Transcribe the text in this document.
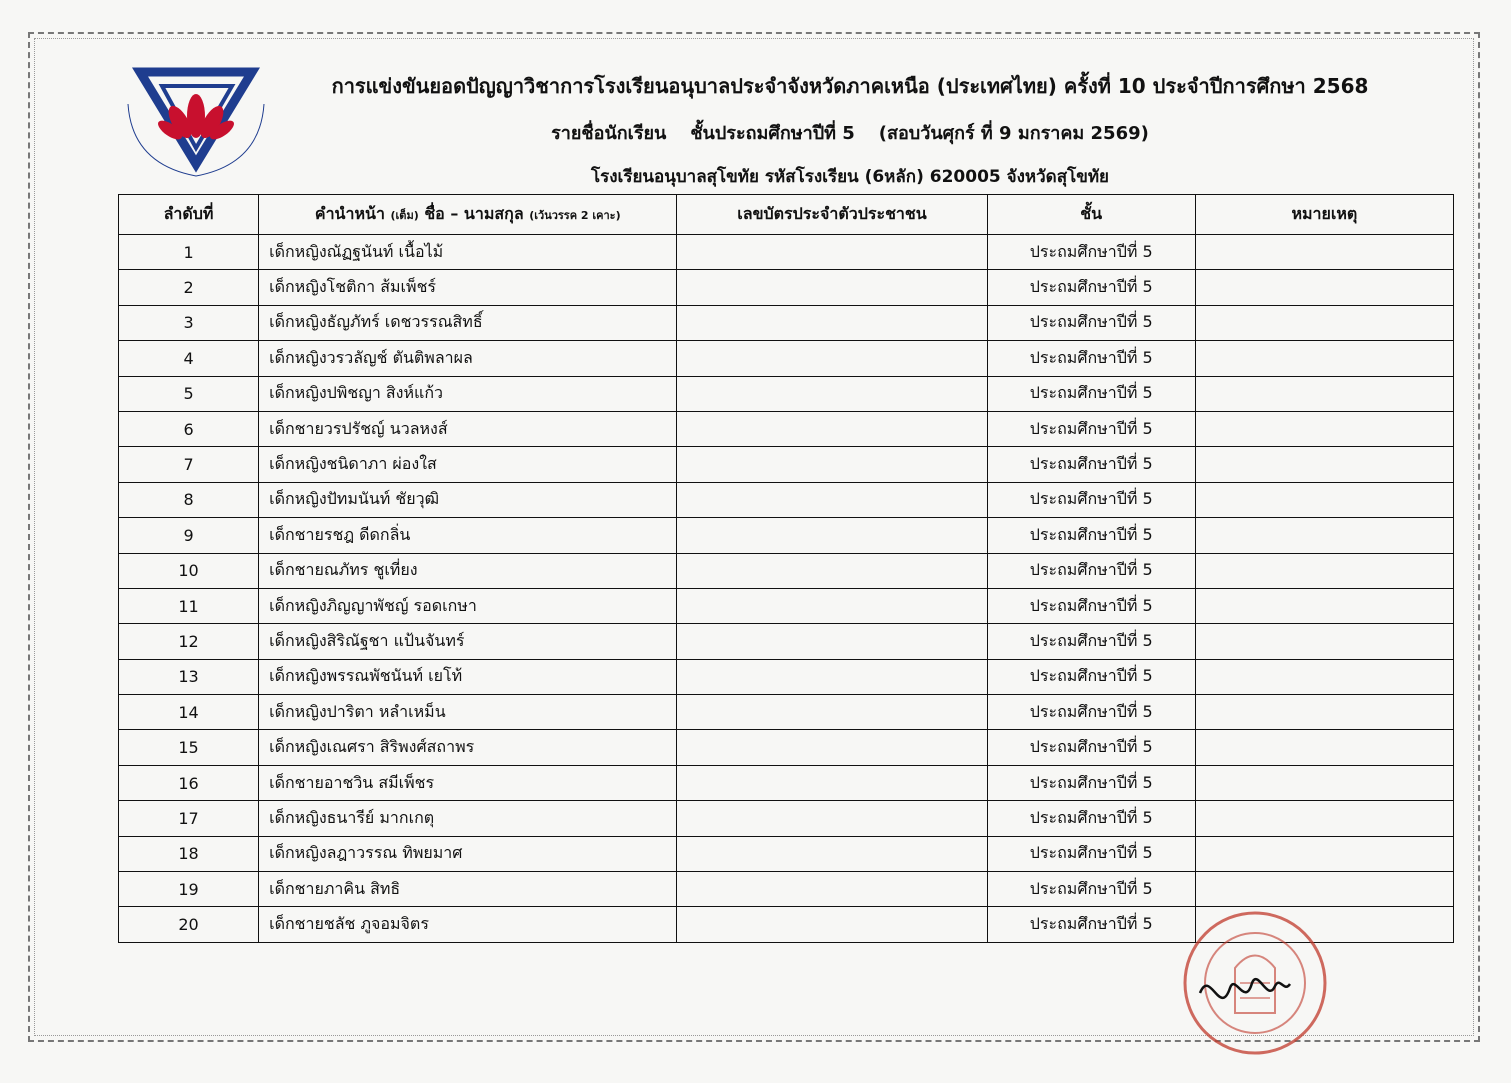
การแข่งขันยอดปัญญาวิชาการโรงเรียนอนุบาลประจำจังหวัดภาคเหนือ (ประเทศไทย) ครั้งที่ 10 ประจำปีการศึกษา 2568
รายชื่อนักเรียน ชั้นประถมศึกษาปีที่ 5 (สอบวันศุกร์ ที่ 9 มกราคม 2569)
โรงเรียนอนุบาลสุโขทัย รหัสโรงเรียน (6หลัก) 620005 จังหวัดสุโขทัย
ลำดับที่	คำนำหน้า (เต็ม) ชื่อ – นามสกุล (เว้นวรรค 2 เคาะ)	เลขบัตรประจำตัวประชาชน	ชั้น	หมายเหตุ
1	เด็กหญิงณัฏฐนันท์ เนื้อไม้		ประถมศึกษาปีที่ 5	
2	เด็กหญิงโชติกา ส้มเพ็ชร์		ประถมศึกษาปีที่ 5	
3	เด็กหญิงธัญภัทร์ เดชวรรณสิทธิ์		ประถมศึกษาปีที่ 5	
4	เด็กหญิงวรวลัญช์ ตันติพลาผล		ประถมศึกษาปีที่ 5	
5	เด็กหญิงปพิชญา สิงห์แก้ว		ประถมศึกษาปีที่ 5	
6	เด็กชายวรปรัชญ์ นวลหงส์		ประถมศึกษาปีที่ 5	
7	เด็กหญิงชนิดาภา ผ่องใส		ประถมศึกษาปีที่ 5	
8	เด็กหญิงปัทมนันท์ ชัยวุฒิ		ประถมศึกษาปีที่ 5	
9	เด็กชายรชฎ ดีดกลิ่น		ประถมศึกษาปีที่ 5	
10	เด็กชายณภัทร ชูเที่ยง		ประถมศึกษาปีที่ 5	
11	เด็กหญิงภิญญาพัชญ์ รอดเกษา		ประถมศึกษาปีที่ 5	
12	เด็กหญิงสิริณัฐชา แป้นจันทร์		ประถมศึกษาปีที่ 5	
13	เด็กหญิงพรรณพัชนันท์ เยโท้		ประถมศึกษาปีที่ 5	
14	เด็กหญิงปาริตา หลำเหม็น		ประถมศึกษาปีที่ 5	
15	เด็กหญิงเณศรา สิริพงศ์สถาพร		ประถมศึกษาปีที่ 5	
16	เด็กชายอาชวิน สมีเพ็ชร		ประถมศึกษาปีที่ 5	
17	เด็กหญิงธนารีย์ มากเกตุ		ประถมศึกษาปีที่ 5	
18	เด็กหญิงลฎาวรรณ ทิพยมาศ		ประถมศึกษาปีที่ 5	
19	เด็กชายภาคิน สิทธิ		ประถมศึกษาปีที่ 5	
20	เด็กชายชลัช ภูจอมจิตร		ประถมศึกษาปีที่ 5	
